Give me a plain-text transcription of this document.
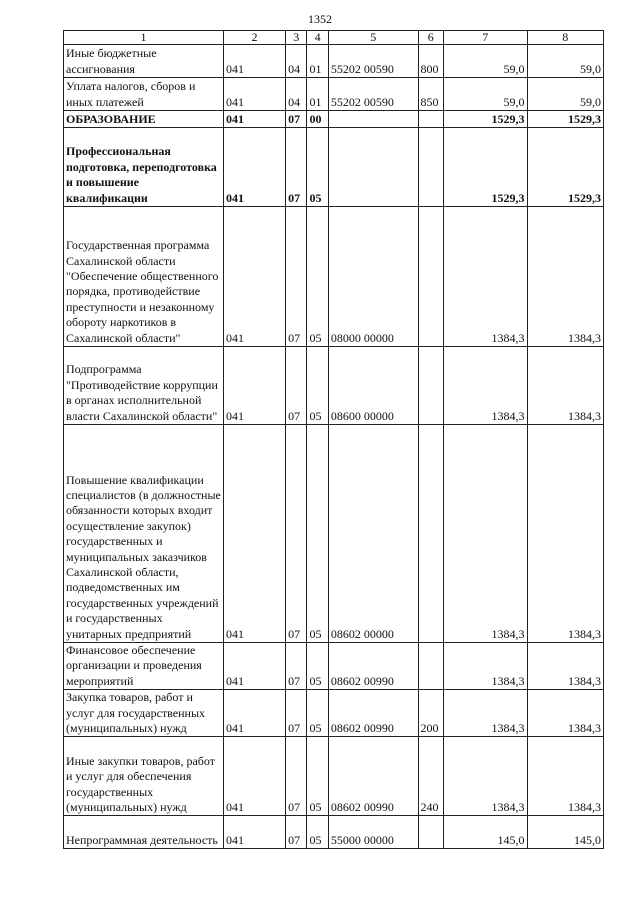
1352
1	2	3	4	5	6	7	8
Иные бюджетные ассигнования	041	04	01	55202 00590	800	59,0	59,0
Уплата налогов, сборов и иных платежей	041	04	01	55202 00590	850	59,0	59,0
ОБРАЗОВАНИЕ	041	07	00			1529,3	1529,3
Профессиональная подготовка, переподготовка и повышение квалификации	041	07	05			1529,3	1529,3
Государственная программа Сахалинской области "Обеспечение общественного порядка, противодействие преступности и незаконному обороту наркотиков в Сахалинской области"	041	07	05	08000 00000		1384,3	1384,3
Подпрограмма "Противодействие коррупции в органах исполнительной власти Сахалинской области"	041	07	05	08600 00000		1384,3	1384,3
Повышение квалификации специалистов (в должностные обязанности которых входит осуществление закупок) государственных и муниципальных заказчиков Сахалинской области, подведомственных им государственных учреждений и государственных унитарных предприятий	041	07	05	08602 00000		1384,3	1384,3
Финансовое обеспечение организации и проведения мероприятий	041	07	05	08602 00990		1384,3	1384,3
Закупка товаров, работ и услуг для государственных (муниципальных) нужд	041	07	05	08602 00990	200	1384,3	1384,3
Иные закупки товаров, работ и услуг для обеспечения государственных (муниципальных) нужд	041	07	05	08602 00990	240	1384,3	1384,3
Непрограммная деятельность	041	07	05	55000 00000		145,0	145,0
